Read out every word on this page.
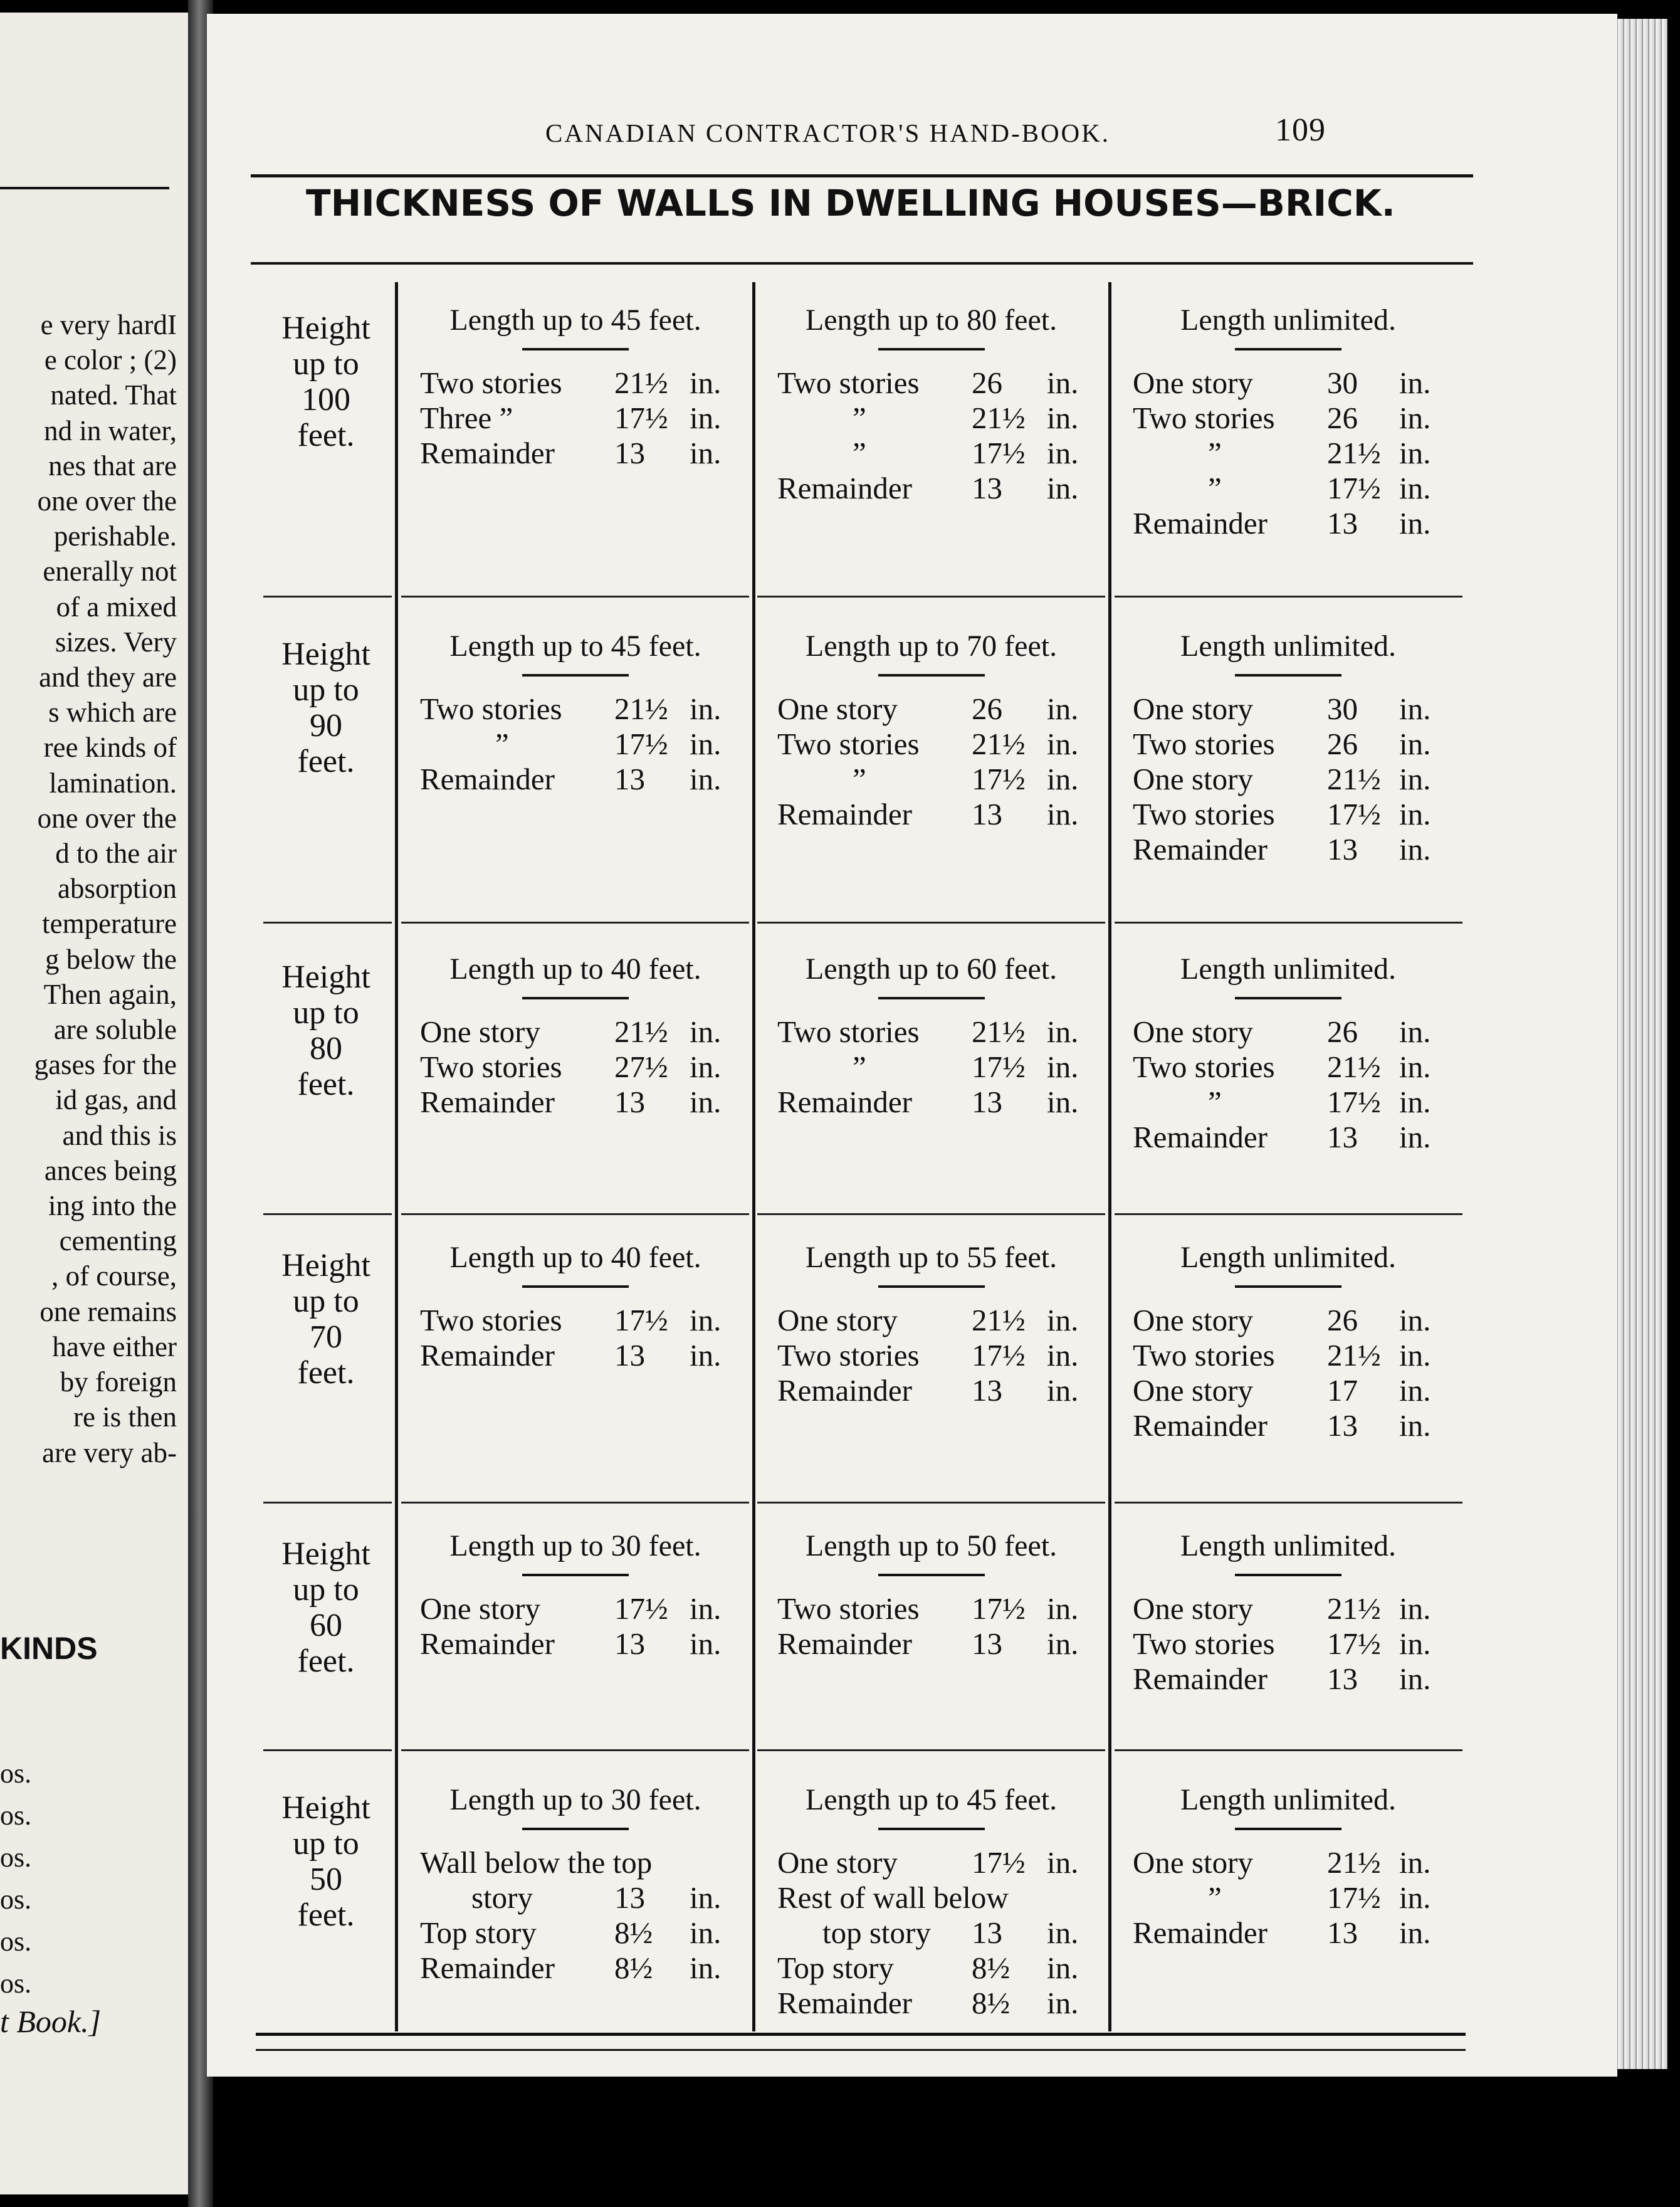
e very hardΙ
e color ; (2)
nated. That
nd in water,
nes that are
one over the
perishable.
enerally not
of a mixed
sizes. Very
and they are
s which are
ree kinds of
lamination.
one over the
d to the air
absorption
temperature
g below the
Then again,
are soluble
gases for the
id gas, and
and this is
ances being
ing into the
cementing
, of course,
one remains
have either
by foreign
re is then
are very ab-
KINDS
os.
os.
os.
os.
os.
os.
t Book.]
CANADIAN CONTRACTOR'S HAND-BOOK.	109
THICKNESS OF WALLS IN DWELLING HOUSES—BRICK.
Height
up to
100
feet.
Length up to 45 feet.
Two stories 21½ in.
Three ”	17½ in.
Remainder 13 in.
Length up to 80 feet.
Two stories 26 in.
”	21½ in.
”	17½ in.
Remainder 13 in.
Length unlimited.
One story 30 in.
Two stories 26 in.
”	21½ in.
”	17½ in.
Remainder 13 in.
Height
up to
90
feet.
Length up to 45 feet.
Two stories 21½ in.
”	17½ in.
Remainder 13 in.
Length up to 70 feet.
One story 26 in.
Two stories 21½ in.
”	17½ in.
Remainder 13 in.
Length unlimited.
One story 30 in.
Two stories 26 in.
One story 21½ in.
Two stories 17½ in.
Remainder 13 in.
Height
up to
80
feet.
Length up to 40 feet.
One story 21½ in.
Two stories 27½ in.
Remainder 13 in.
Length up to 60 feet.
Two stories 21½ in.
”	17½ in.
Remainder 13 in.
Length unlimited.
One story 26 in.
Two stories 21½ in.
”	17½ in.
Remainder 13 in.
Height
up to
70
feet.
Length up to 40 feet.
Two stories 17½ in.
Remainder 13 in.
Length up to 55 feet.
One story 21½ in.
Two stories 17½ in.
Remainder 13 in.
Length unlimited.
One story 26 in.
Two stories 21½ in.
One story 17 in.
Remainder 13 in.
Height
up to
60
feet.
Length up to 30 feet.
One story 17½ in.
Remainder 13 in.
Length up to 50 feet.
Two stories 17½ in.
Remainder 13 in.
Length unlimited.
One story 21½ in.
Two stories 17½ in.
Remainder 13 in.
Height
up to
50
feet.
Length up to 30 feet.
Wall below the top
story	13 in.
Top story	8½ in.
Remainder 8½ in.
Length up to 45 feet.
One story 17½ in.
Rest of wall below
top story 13 in.
Top story	8½ in.
Remainder 8½ in.
Length unlimited.
One story 21½ in.
”	17½ in.
Remainder 13 in.
